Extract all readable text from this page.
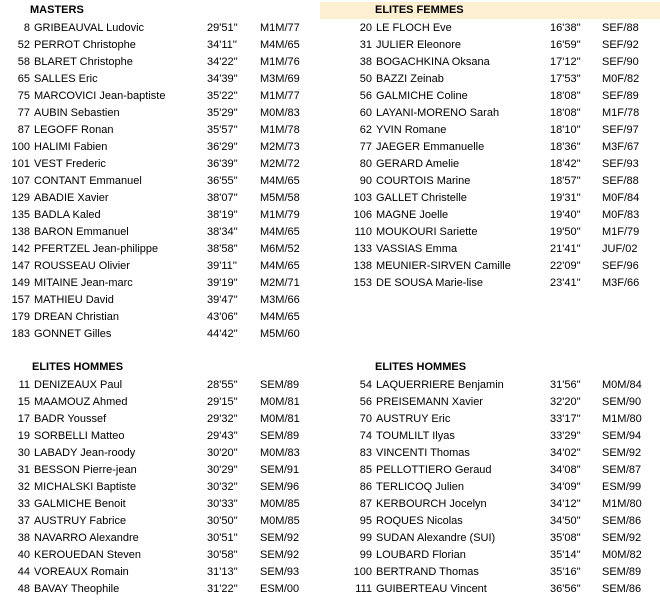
MASTERS
8 GRIBEAUVAL Ludovic	29'51'' M1M/77
52 PERROT Christophe	34'11'' M4M/65
58 BLARET Christophe	34'22'' M1M/76
65 SALLES Eric	34'39'' M3M/69
75 MARCOVICI Jean-baptiste	35'22'' M1M/77
77 AUBIN Sebastien	35'29'' M0M/83
87 LEGOFF Ronan	35'57'' M1M/78
100 HALIMI Fabien	36'29'' M2M/73
101 VEST Frederic	36'39'' M2M/72
107 CONTANT Emmanuel	36'55'' M4M/65
129 ABADIE Xavier	38'07'' M5M/58
135 BADLA Kaled	38'19'' M1M/79
138 BARON Emmanuel	38'34'' M4M/65
142 PFERTZEL Jean-philippe	38'58'' M6M/52
147 ROUSSEAU Olivier	39'11'' M4M/65
149 MITAINE Jean-marc	39'19'' M2M/71
157 MATHIEU David	39'47'' M3M/66
179 DREAN Christian	43'06'' M4M/65
183 GONNET Gilles	44'42'' M5M/60
ELITES FEMMES
20 LE FLOCH Eve	16'38'' SEF/88
31 JULIER Eleonore	16'59'' SEF/92
38 BOGACHKINA Oksana	17'12'' SEF/90
50 BAZZI Zeinab	17'53'' M0F/82
56 GALMICHE Coline	18'08'' SEF/89
60 LAYANI-MORENO Sarah	18'08'' M1F/78
62 YVIN Romane	18'10'' SEF/97
77 JAEGER Emmanuelle	18'36'' M3F/67
80 GERARD Amelie	18'42'' SEF/93
90 COURTOIS Marine	18'57'' SEF/88
103 GALLET Christelle	19'31'' M0F/84
106 MAGNE Joelle	19'40'' M0F/83
110 MOUKOURI Sariette	19'50'' M1F/79
133 VASSIAS Emma	21'41'' JUF/02
138 MEUNIER-SIRVEN Camille	22'09'' SEF/96
153 DE SOUSA Marie-lise	23'41'' M3F/66
ELITES HOMMES
11 DENIZEAUX Paul	28'55'' SEM/89
15 MAAMOUZ Ahmed	29'15'' M0M/81
17 BADR Youssef	29'32'' M0M/81
19 SORBELLI Matteo	29'43'' SEM/89
30 LABADY Jean-roody	30'20'' M0M/83
31 BESSON Pierre-jean	30'29'' SEM/91
32 MICHALSKI Baptiste	30'32'' SEM/96
33 GALMICHE Benoit	30'33'' M0M/85
37 AUSTRUY Fabrice	30'50'' M0M/85
38 NAVARRO Alexandre	30'51'' SEM/92
40 KEROUEDAN Steven	30'58'' SEM/92
44 VOREAUX Romain	31'13'' SEM/93
48 BAVAY Theophile	31'22'' ESM/00
ELITES HOMMES
54 LAQUERRIERE Benjamin	31'56'' M0M/84
56 PREISEMANN Xavier	32'20'' SEM/90
70 AUSTRUY Eric	33'17'' M1M/80
74 TOUMLILT Ilyas	33'29'' SEM/94
83 VINCENTI Thomas	34'02'' SEM/92
85 PELLOTTIERO Geraud	34'08'' SEM/87
86 TERLICOQ Julien	34'09'' ESM/99
87 KERBOURCH Jocelyn	34'12'' M1M/80
95 ROQUES Nicolas	34'50'' SEM/86
99 SUDAN Alexandre (SUI)	35'08'' SEM/92
99 LOUBARD Florian	35'14'' M0M/82
100 BERTRAND Thomas	35'16'' SEM/89
111 GUIBERTEAU Vincent	36'56'' SEM/86
